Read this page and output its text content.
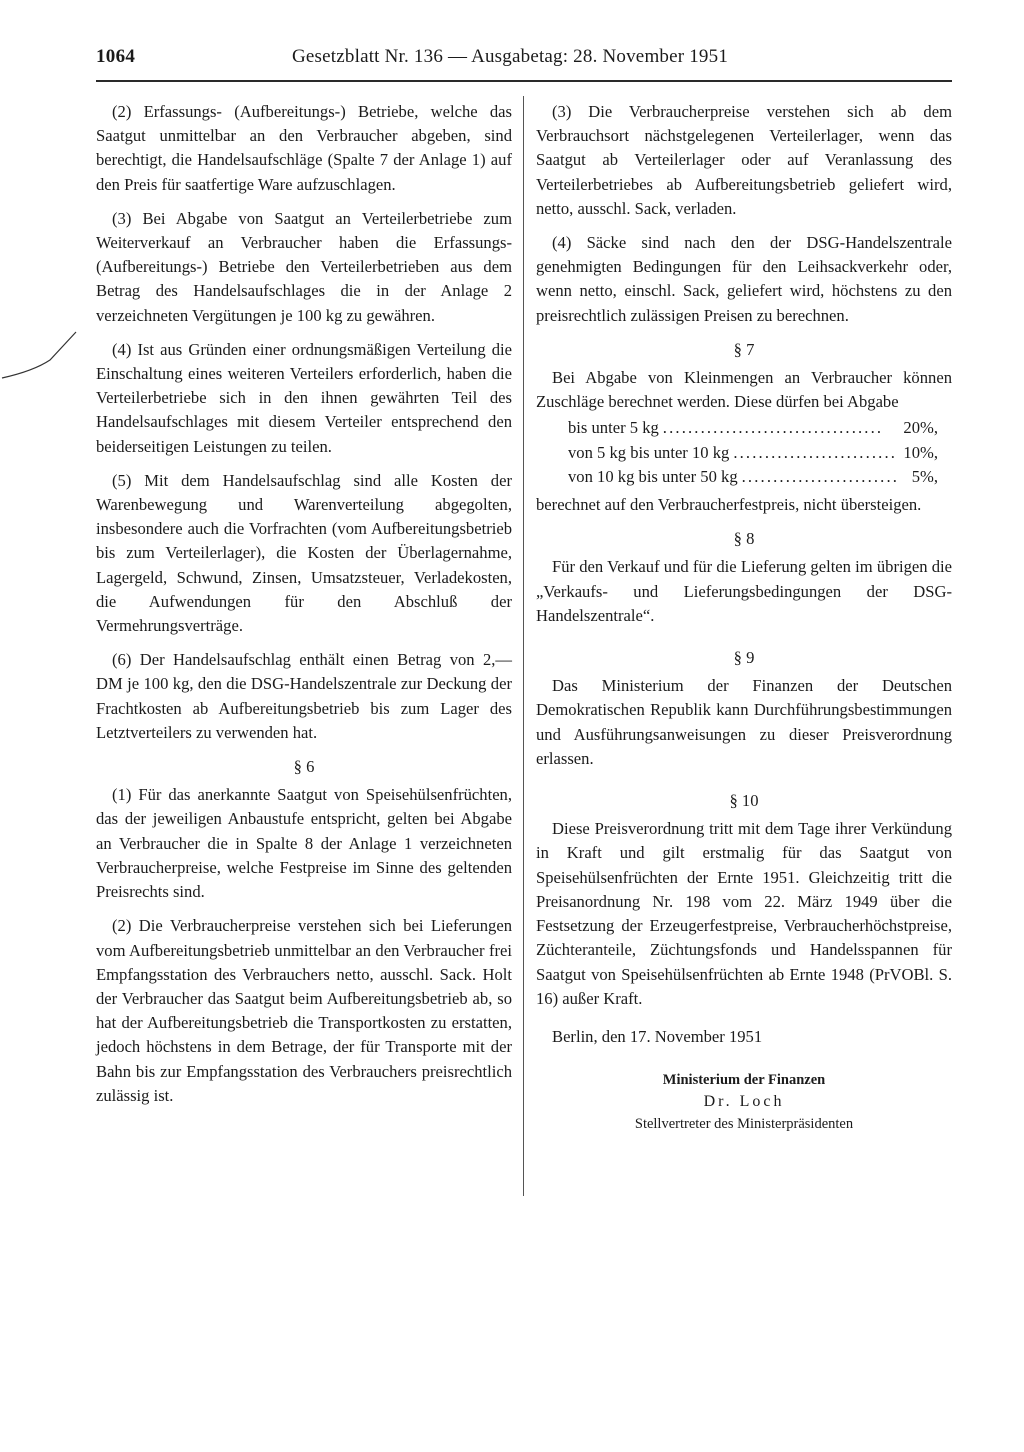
1064	Gesetzblatt Nr. 136 — Ausgabetag: 28. November 1951

(2) Erfassungs- (Aufbereitungs-) Betriebe, welche das Saatgut unmittelbar an den Verbraucher abgeben, sind berechtigt, die Handelsaufschläge (Spalte 7 der Anlage 1) auf den Preis für saatfertige Ware aufzuschlagen.

(3) Bei Abgabe von Saatgut an Verteilerbetriebe zum Weiterverkauf an Verbraucher haben die Erfassungs- (Aufbereitungs-) Betriebe den Verteilerbetrieben aus dem Betrag des Handelsaufschlages die in der Anlage 2 verzeichneten Vergütungen je 100 kg zu gewähren.

(4) Ist aus Gründen einer ordnungsmäßigen Verteilung die Einschaltung eines weiteren Verteilers erforderlich, haben die Verteilerbetriebe sich in den ihnen gewährten Teil des Handelsaufschlages mit diesem Verteiler entsprechend den beiderseitigen Leistungen zu teilen.

(5) Mit dem Handelsaufschlag sind alle Kosten der Warenbewegung und Warenverteilung abgegolten, insbesondere auch die Vorfrachten (vom Aufbereitungsbetrieb bis zum Verteilerlager), die Kosten der Überlagernahme, Lagergeld, Schwund, Zinsen, Umsatzsteuer, Verladekosten, die Aufwendungen für den Abschluß der Vermehrungsverträge.

(6) Der Handelsaufschlag enthält einen Betrag von 2,— DM je 100 kg, den die DSG-Handelszentrale zur Deckung der Frachtkosten ab Aufbereitungsbetrieb bis zum Lager des Letztverteilers zu verwenden hat.

§ 6

(1) Für das anerkannte Saatgut von Speisehülsenfrüchten, das der jeweiligen Anbaustufe entspricht, gelten bei Abgabe an Verbraucher die in Spalte 8 der Anlage 1 verzeichneten Verbraucherpreise, welche Festpreise im Sinne des geltenden Preisrechts sind.

(2) Die Verbraucherpreise verstehen sich bei Lieferungen vom Aufbereitungsbetrieb unmittelbar an den Verbraucher frei Empfangsstation des Verbrauchers netto, ausschl. Sack. Holt der Verbraucher das Saatgut beim Aufbereitungsbetrieb ab, so hat der Aufbereitungsbetrieb die Transportkosten zu erstatten, jedoch höchstens in dem Betrage, der für Transporte mit der Bahn bis zur Empfangsstation des Verbrauchers preisrechtlich zulässig ist.

(3) Die Verbraucherpreise verstehen sich ab dem Verbrauchsort nächstgelegenen Verteilerlager, wenn das Saatgut ab Verteilerlager oder auf Veranlassung des Verteilerbetriebes ab Aufbereitungsbetrieb geliefert wird, netto, ausschl. Sack, verladen.

(4) Säcke sind nach den der DSG-Handelszentrale genehmigten Bedingungen für den Leihsackverkehr oder, wenn netto, einschl. Sack, geliefert wird, höchstens zu den preisrechtlich zulässigen Preisen zu berechnen.

§ 7

Bei Abgabe von Kleinmengen an Verbraucher können Zuschläge berechnet werden. Diese dürfen bei Abgabe

bis unter 5 kg . . .	20%,
von 5 kg bis unter 10 kg . . .	10%,
von 10 kg bis unter 50 kg . . .	5%,

berechnet auf den Verbraucherfestpreis, nicht übersteigen.

§ 8

Für den Verkauf und für die Lieferung gelten im übrigen die „Verkaufs- und Lieferungsbedingungen der DSG-Handelszentrale“.

§ 9

Das Ministerium der Finanzen der Deutschen Demokratischen Republik kann Durchführungsbestimmungen und Ausführungsanweisungen zu dieser Preisverordnung erlassen.

§ 10

Diese Preisverordnung tritt mit dem Tage ihrer Verkündung in Kraft und gilt erstmalig für das Saatgut von Speisehülsenfrüchten der Ernte 1951. Gleichzeitig tritt die Preisanordnung Nr. 198 vom 22. März 1949 über die Festsetzung der Erzeugerfestpreise, Verbraucherhöchstpreise, Züchteranteile, Züchtungsfonds und Handelsspannen für Saatgut von Speisehülsenfrüchten ab Ernte 1948 (PrVOBl. S. 16) außer Kraft.

Berlin, den 17. November 1951
Ministerium der Finanzen
Dr. Loch
Stellvertreter des Ministerpräsidenten
